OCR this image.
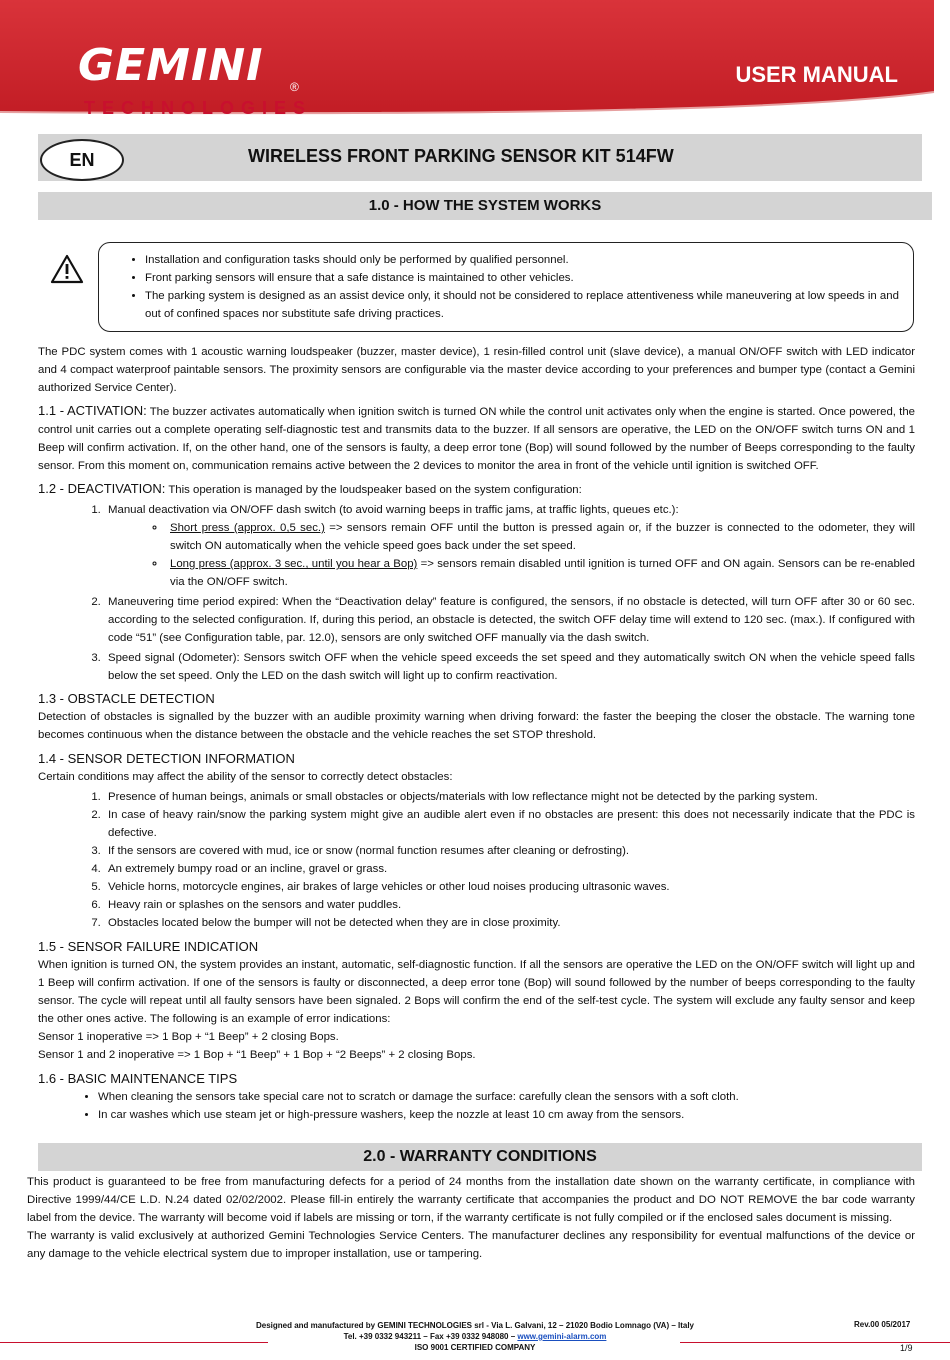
GEMINI ®
TECHNOLOGIES
USER MANUAL
EN	WIRELESS FRONT PARKING SENSOR KIT 514FW
1.0 - HOW THE SYSTEM WORKS
• Installation and configuration tasks should only be performed by qualified personnel.
• Front parking sensors will ensure that a safe distance is maintained to other vehicles.
• The parking system is designed as an assist device only, it should not be considered to replace attentiveness while maneuvering at low speeds in and out of confined spaces nor substitute safe driving practices.

The PDC system comes with 1 acoustic warning loudspeaker (buzzer, master device), 1 resin-filled control unit (slave device), a manual ON/OFF switch with LED indicator and 4 compact waterproof paintable sensors. The proximity sensors are configurable via the master device according to your preferences and bumper type (contact a Gemini authorized Service Center).

1.1 - ACTIVATION: The buzzer activates automatically when ignition switch is turned ON while the control unit activates only when the engine is started. Once powered, the control unit carries out a complete operating self-diagnostic test and transmits data to the buzzer. If all sensors are operative, the LED on the ON/OFF switch turns ON and 1 Beep will confirm activation. If, on the other hand, one of the sensors is faulty, a deep error tone (Bop) will sound followed by the number of Beeps corresponding to the faulty sensor. From this moment on, communication remains active between the 2 devices to monitor the area in front of the vehicle until ignition is switched OFF.

1.2 - DEACTIVATION: This operation is managed by the loudspeaker based on the system configuration:

1. Manual deactivation via ON/OFF dash switch (to avoid warning beeps in traffic jams, at traffic lights, queues etc.):
◦ Short press (approx. 0,5 sec.) => sensors remain OFF until the button is pressed again or, if the buzzer is connected to the odometer, they will switch ON automatically when the vehicle speed goes back under the set speed.
◦ Long press (approx. 3 sec., until you hear a Bop) => sensors remain disabled until ignition is turned OFF and ON again. Sensors can be re-enabled via the ON/OFF switch.
2. Maneuvering time period expired: When the “Deactivation delay” feature is configured, the sensors, if no obstacle is detected, will turn OFF after 30 or 60 sec. according to the selected configuration. If, during this period, an obstacle is detected, the switch OFF delay time will extend to 120 sec. (max.). If configured with code “51” (see Configuration table, par. 12.0), sensors are only switched OFF manually via the dash switch.
3. Speed signal (Odometer): Sensors switch OFF when the vehicle speed exceeds the set speed and they automatically switch ON when the vehicle speed falls below the set speed. Only the LED on the dash switch will light up to confirm reactivation.

1.3 - OBSTACLE DETECTION

Detection of obstacles is signalled by the buzzer with an audible proximity warning when driving forward: the faster the beeping the closer the obstacle. The warning tone becomes continuous when the distance between the obstacle and the vehicle reaches the set STOP threshold.

1.4 - SENSOR DETECTION INFORMATION

Certain conditions may affect the ability of the sensor to correctly detect obstacles:

1. Presence of human beings, animals or small obstacles or objects/materials with low reflectance might not be detected by the parking system.
2. In case of heavy rain/snow the parking system might give an audible alert even if no obstacles are present: this does not necessarily indicate that the PDC is defective.
3. If the sensors are covered with mud, ice or snow (normal function resumes after cleaning or defrosting).
4. An extremely bumpy road or an incline, gravel or grass.
5. Vehicle horns, motorcycle engines, air brakes of large vehicles or other loud noises producing ultrasonic waves.
6. Heavy rain or splashes on the sensors and water puddles.
7. Obstacles located below the bumper will not be detected when they are in close proximity.

1.5 - SENSOR FAILURE INDICATION

When ignition is turned ON, the system provides an instant, automatic, self-diagnostic function. If all the sensors are operative the LED on the ON/OFF switch will light up and 1 Beep will confirm activation. If one of the sensors is faulty or disconnected, a deep error tone (Bop) will sound followed by the number of beeps corresponding to the faulty sensor. The cycle will repeat until all faulty sensors have been signaled. 2 Bops will confirm the end of the self-test cycle. The system will exclude any faulty sensor and keep the other ones active. The following is an example of error indications:

Sensor 1 inoperative => 1 Bop + “1 Beep” + 2 closing Bops.

Sensor 1 and 2 inoperative => 1 Bop + “1 Beep” + 1 Bop + “2 Beeps” + 2 closing Bops.

1.6 - BASIC MAINTENANCE TIPS

• When cleaning the sensors take special care not to scratch or damage the surface: carefully clean the sensors with a soft cloth.
• In car washes which use steam jet or high-pressure washers, keep the nozzle at least 10 cm away from the sensors.
2.0 - WARRANTY CONDITIONS

This product is guaranteed to be free from manufacturing defects for a period of 24 months from the installation date shown on the warranty certificate, in compliance with Directive 1999/44/CE L.D. N.24 dated 02/02/2002. Please fill-in entirely the warranty certificate that accompanies the product and DO NOT REMOVE the bar code warranty label from the device. The warranty will become void if labels are missing or torn, if the warranty certificate is not fully compiled or if the enclosed sales document is missing.

The warranty is valid exclusively at authorized Gemini Technologies Service Centers. The manufacturer declines any responsibility for eventual malfunctions of the device or any damage to the vehicle electrical system due to improper installation, use or tampering.

Designed and manufactured by GEMINI TECHNOLOGIES srl - Via L. Galvani, 12 – 21020 Bodio Lomnago (VA) – Italy
Tel. +39 0332 943211 – Fax +39 0332 948080 – www.gemini-alarm.com
ISO 9001 CERTIFIED COMPANY
Rev.00 05/2017
1/9
